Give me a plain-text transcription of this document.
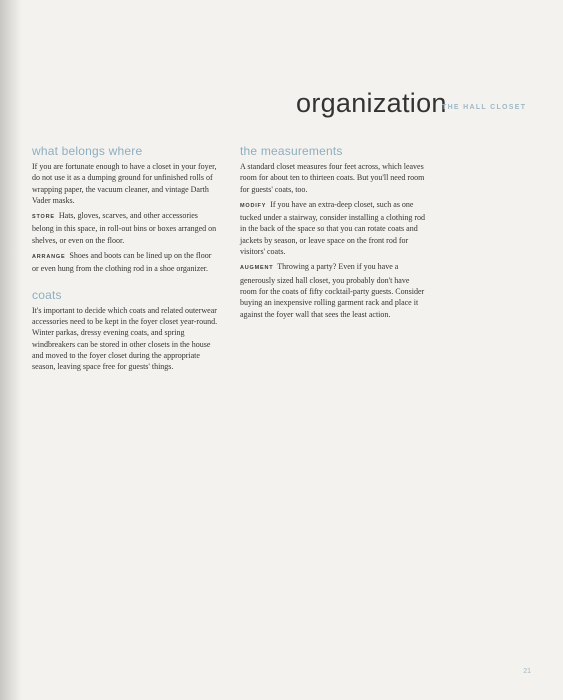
organization
THE HALL CLOSET
what belongs where

If you are fortunate enough to have a closet in your foyer, do not use it as a dumping ground for unfinished rolls of wrapping paper, the vacuum cleaner, and vintage Darth Vader masks.

STORE Hats, gloves, scarves, and other accessories belong in this space, in roll-out bins or boxes arranged on shelves, or even on the floor.

ARRANGE Shoes and boots can be lined up on the floor or even hung from the clothing rod in a shoe organizer.

coats

It's important to decide which coats and related outerwear accessories need to be kept in the foyer closet year-round. Winter parkas, dressy evening coats, and spring windbreakers can be stored in other closets in the house and moved to the foyer closet during the appropriate season, leaving space free for guests' things.

the measurements

A standard closet measures four feet across, which leaves room for about ten to thirteen coats. But you'll need room for guests' coats, too.

MODIFY If you have an extra-deep closet, such as one tucked under a stairway, consider installing a clothing rod in the back of the space so that you can rotate coats and jackets by season, or leave space on the front rod for visitors' coats.

AUGMENT Throwing a party? Even if you have a generously sized hall closet, you probably don't have room for the coats of fifty cocktail-party guests. Consider buying an inexpensive rolling garment rack and place it against the foyer wall that sees the least action.

21
